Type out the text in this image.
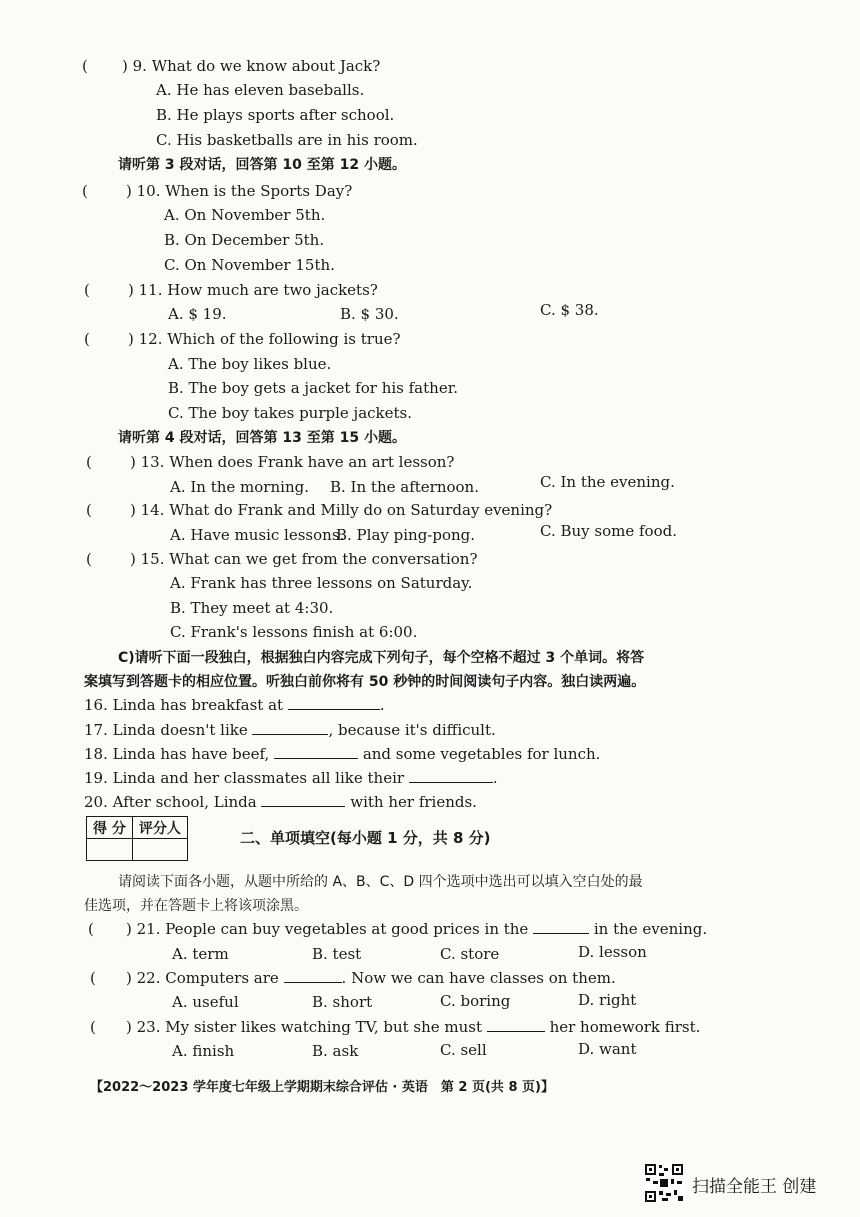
( ) 9. What do we know about Jack?
A. He has eleven baseballs.
B. He plays sports after school.
C. His basketballs are in his room.
请听第 3 段对话，回答第 10 至第 12 小题。
(	) 10. When is the Sports Day?
A. On November 5th.
B. On December 5th.
C. On November 15th.
(	) 11. How much are two jackets?
A. $ 19.	B. $ 30.	C. $ 38.
(	) 12. Which of the following is true?
A. The boy likes blue.
B. The boy gets a jacket for his father.
C. The boy takes purple jackets.
请听第 4 段对话，回答第 13 至第 15 小题。
(	) 13. When does Frank have an art lesson?
A. In the morning. B. In the afternoon.	C. In the evening.
(	) 14. What do Frank and Milly do on Saturday evening?
A. Have music lessons.
B. Play ping-pong.	C. Buy some food.
(	) 15. What can we get from the conversation?
A. Frank has three lessons on Saturday.
B. They meet at 4:30.
C. Frank's lessons finish at 6:00.
C)请听下面一段独白，根据独白内容完成下列句子，每个空格不超过 3 个单词。将答
案填写到答题卡的相应位置。听独白前你将有 50 秒钟的时间阅读句子内容。独白读两遍。
16. Linda has breakfast at	.
17. Linda doesn't like	, because it's difficult.
18. Linda has have beef,	and some vegetables for lunch.
19. Linda and her classmates all like their	.
20. After school, Linda	with her friends.
得 分	评分人

二、单项填空(每小题 1 分，共 8 分)
请阅读下面各小题，从题中所给的 A、B、C、D 四个选项中选出可以填入空白处的最
佳选项，并在答题卡上将该项涂黑。
( ) 21. People can buy vegetables at good prices in the	in the evening.
A. term	B. test	C. store	D. lesson
( ) 22. Computers are	. Now we can have classes on them.
A. useful	B. short	C. boring	D. right
( ) 23. My sister likes watching TV, but she must	her homework first.
A. finish	B. ask	C. sell	D. want
【2022～2023 学年度七年级上学期期末综合评估 · 英语　第 2 页(共 8 页)】
扫描全能王 创建
